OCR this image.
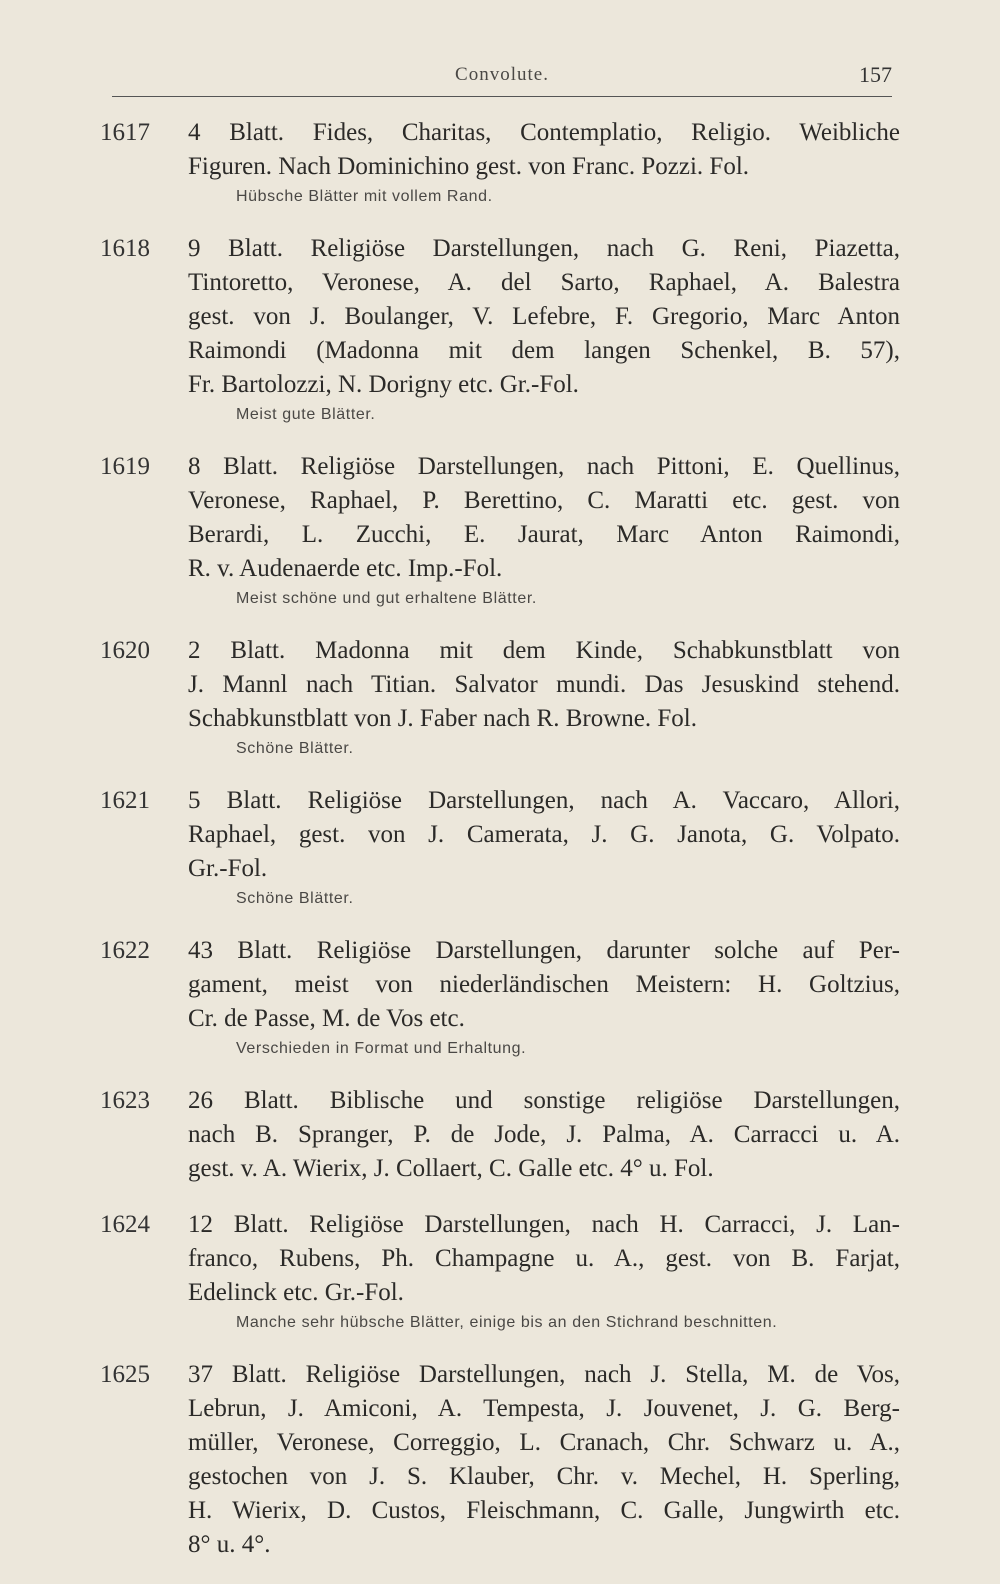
Convolute.	157
1617 4 Blatt. Fides, Charitas, Contemplatio, Religio. Weibliche
Figuren. Nach Dominichino gest. von Franc. Pozzi. Fol.
Hübsche Blätter mit vollem Rand.
1618 9 Blatt. Religiöse Darstellungen, nach G. Reni, Piazetta,
Tintoretto, Veronese, A. del Sarto, Raphael, A. Balestra
gest. von J. Boulanger, V. Lefebre, F. Gregorio, Marc Anton
Raimondi (Madonna mit dem langen Schenkel, B. 57),
Fr. Bartolozzi, N. Dorigny etc. Gr.-Fol.
Meist gute Blätter.
1619 8 Blatt. Religiöse Darstellungen, nach Pittoni, E. Quellinus,
Veronese, Raphael, P. Berettino, C. Maratti etc. gest. von
Berardi, L. Zucchi, E. Jaurat, Marc Anton Raimondi,
R. v. Audenaerde etc. Imp.-Fol.
Meist schöne und gut erhaltene Blätter.
1620 2 Blatt. Madonna mit dem Kinde, Schabkunstblatt von
J. Mannl nach Titian. Salvator mundi. Das Jesuskind stehend.
Schabkunstblatt von J. Faber nach R. Browne. Fol.
Schöne Blätter.
1621 5 Blatt. Religiöse Darstellungen, nach A. Vaccaro, Allori,
Raphael, gest. von J. Camerata, J. G. Janota, G. Volpato.
Gr.-Fol.
Schöne Blätter.
1622 43 Blatt. Religiöse Darstellungen, darunter solche auf Per-
gament, meist von niederländischen Meistern: H. Goltzius,
Cr. de Passe, M. de Vos etc.
Verschieden in Format und Erhaltung.
1623 26 Blatt. Biblische und sonstige religiöse Darstellungen,
nach B. Spranger, P. de Jode, J. Palma, A. Carracci u. A.
gest. v. A. Wierix, J. Collaert, C. Galle etc. 4° u. Fol.
1624 12 Blatt. Religiöse Darstellungen, nach H. Carracci, J. Lan-
franco, Rubens, Ph. Champagne u. A., gest. von B. Farjat,
Edelinck etc. Gr.-Fol.
Manche sehr hübsche Blätter, einige bis an den Stichrand beschnitten.
1625 37 Blatt. Religiöse Darstellungen, nach J. Stella, M. de Vos,
Lebrun, J. Amiconi, A. Tempesta, J. Jouvenet, J. G. Berg-
müller, Veronese, Correggio, L. Cranach, Chr. Schwarz u. A.,
gestochen von J. S. Klauber, Chr. v. Mechel, H. Sperling,
H. Wierix, D. Custos, Fleischmann, C. Galle, Jungwirth etc.
8° u. 4°.
